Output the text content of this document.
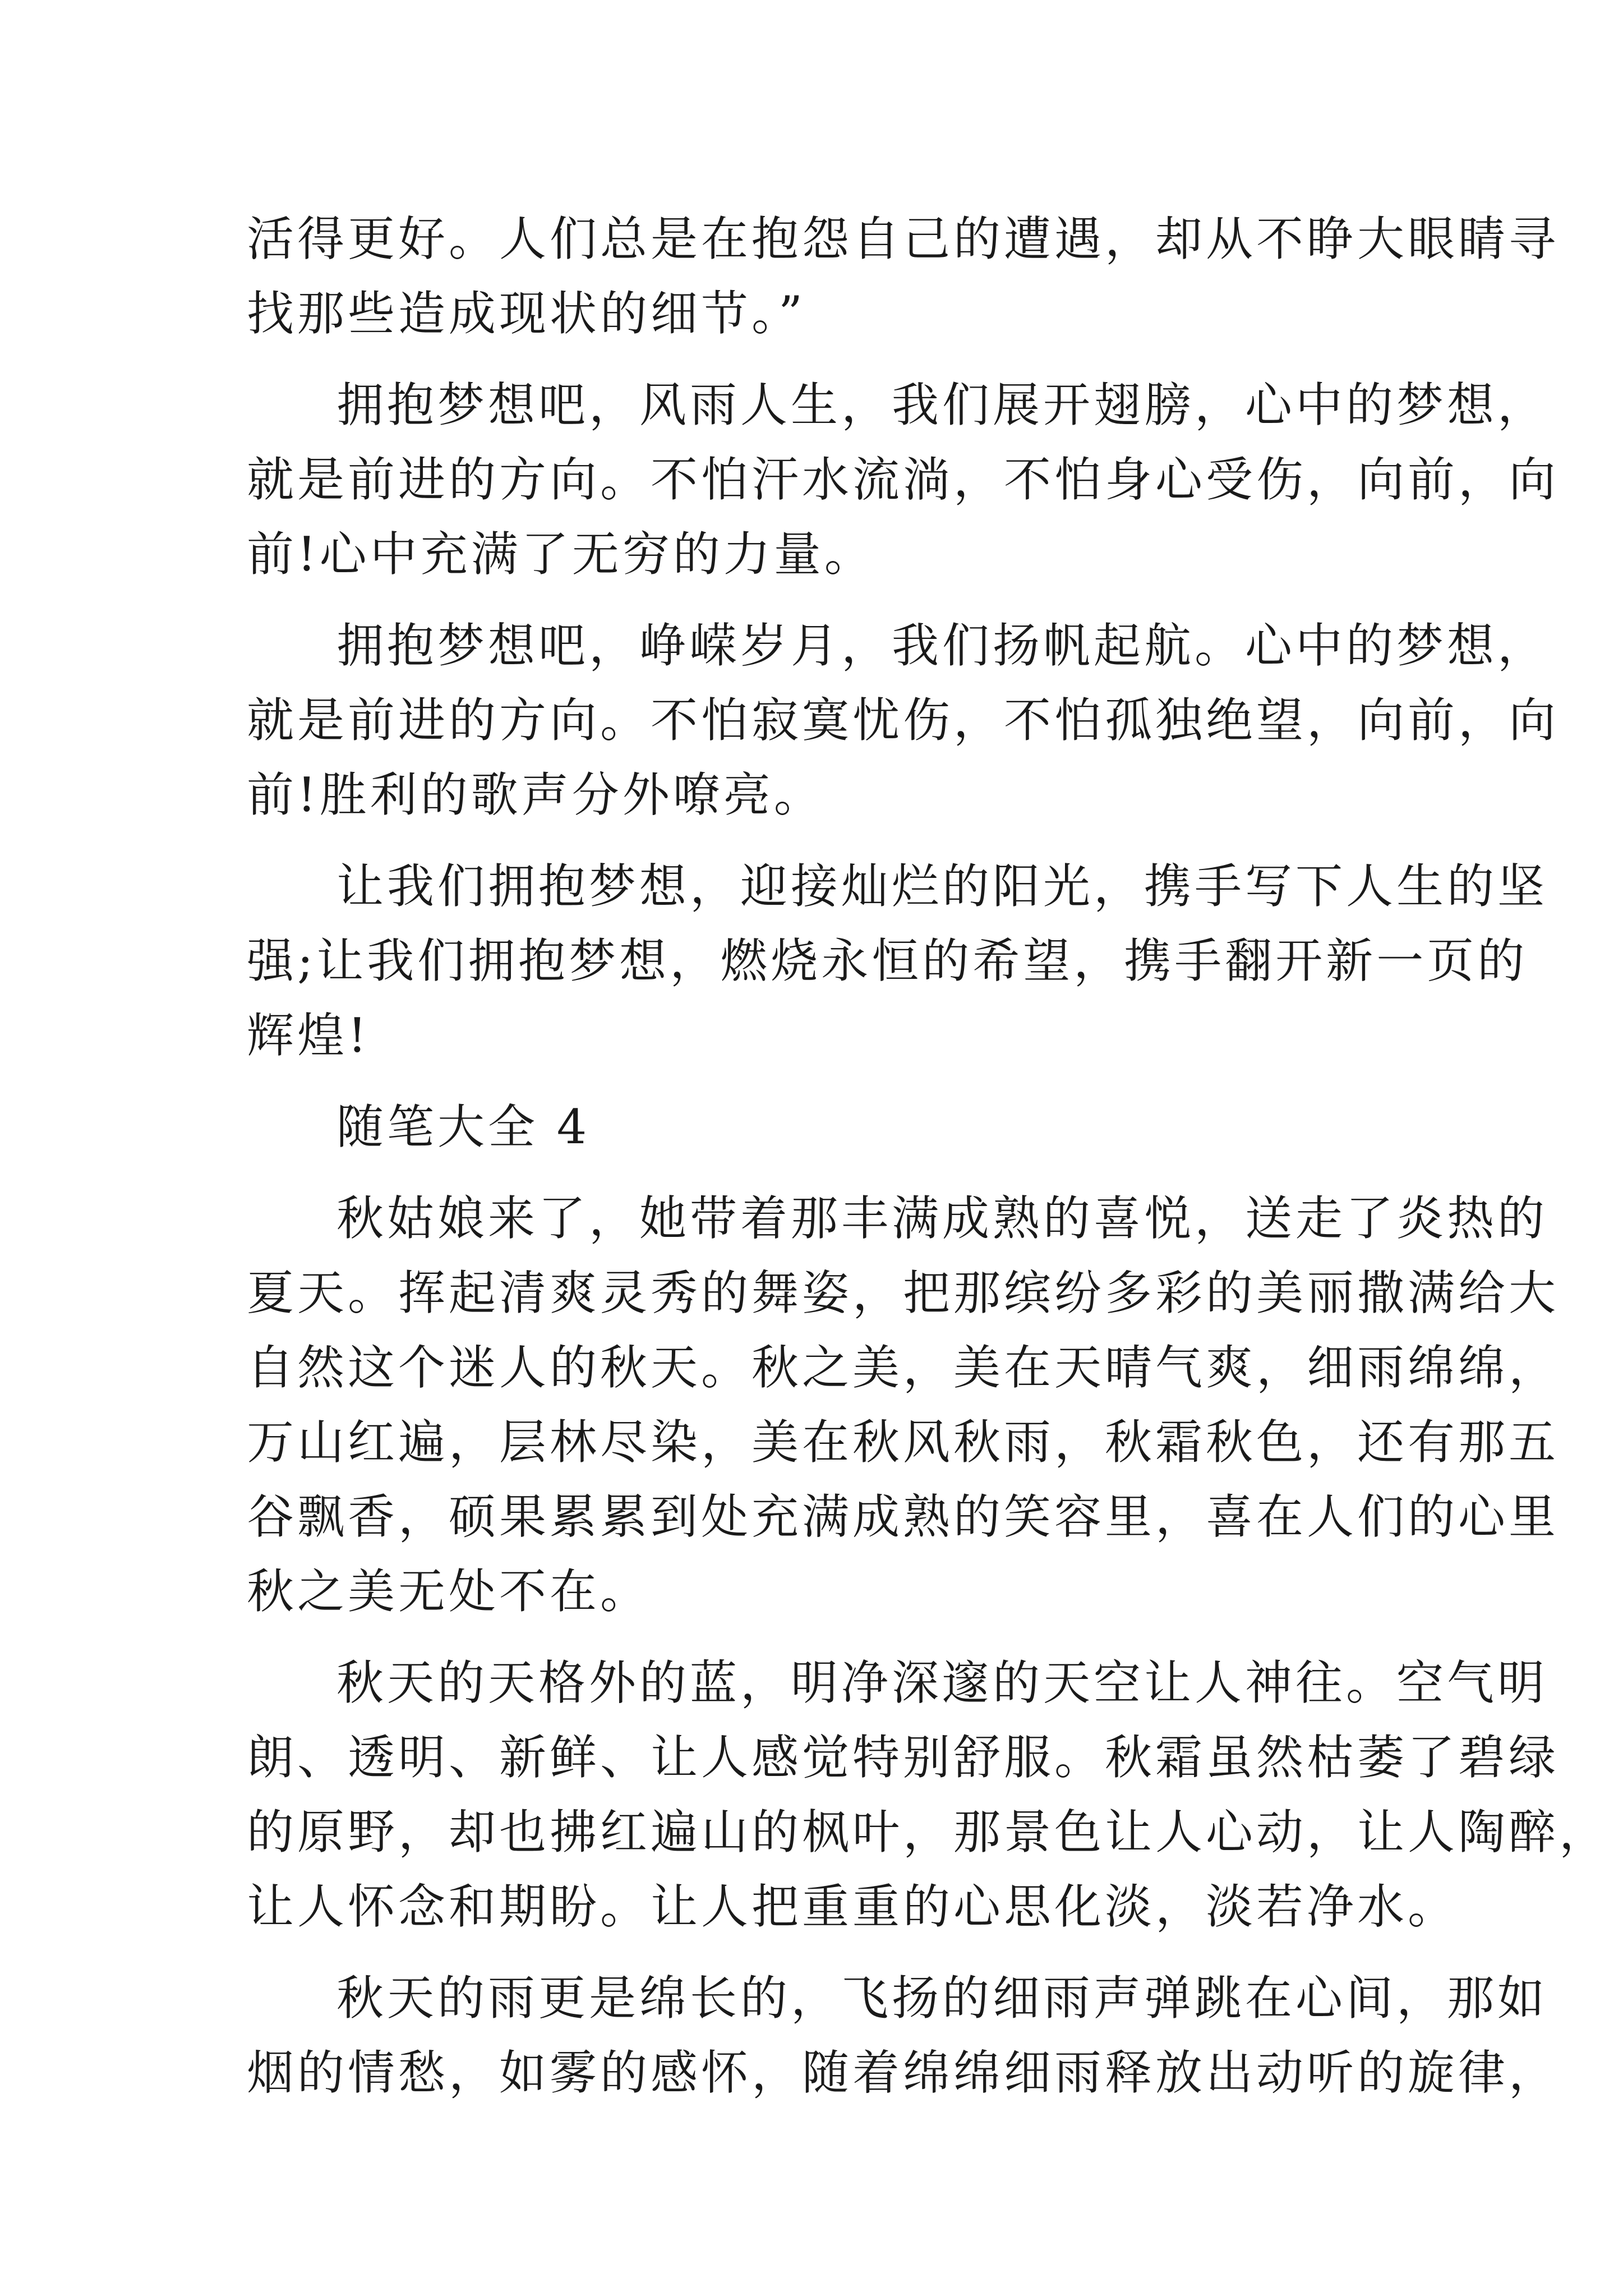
活得更好。人们总是在抱怨自己的遭遇，却从不睁大眼睛寻
找那些造成现状的细节。”
拥抱梦想吧，风雨人生，我们展开翅膀，心中的梦想，
就是前进的方向。不怕汗水流淌，不怕身心受伤，向前，向
前!心中充满了无穷的力量。
拥抱梦想吧，峥嵘岁月，我们扬帆起航。心中的梦想，
就是前进的方向。不怕寂寞忧伤，不怕孤独绝望，向前，向
前!胜利的歌声分外嘹亮。
让我们拥抱梦想，迎接灿烂的阳光，携手写下人生的坚
强;让我们拥抱梦想，燃烧永恒的希望，携手翻开新一页的
辉煌!
随笔大全 4
秋姑娘来了，她带着那丰满成熟的喜悦，送走了炎热的
夏天。挥起清爽灵秀的舞姿，把那缤纷多彩的美丽撒满给大
自然这个迷人的秋天。秋之美，美在天晴气爽，细雨绵绵，
万山红遍，层林尽染，美在秋风秋雨，秋霜秋色，还有那五
谷飘香，硕果累累到处充满成熟的笑容里，喜在人们的心里
秋之美无处不在。
秋天的天格外的蓝，明净深邃的天空让人神往。空气明
朗、透明、新鲜、让人感觉特别舒服。秋霜虽然枯萎了碧绿
的原野，却也拂红遍山的枫叶，那景色让人心动，让人陶醉，
让人怀念和期盼。让人把重重的心思化淡，淡若净水。
秋天的雨更是绵长的，飞扬的细雨声弹跳在心间，那如
烟的情愁，如雾的感怀，随着绵绵细雨释放出动听的旋律，
